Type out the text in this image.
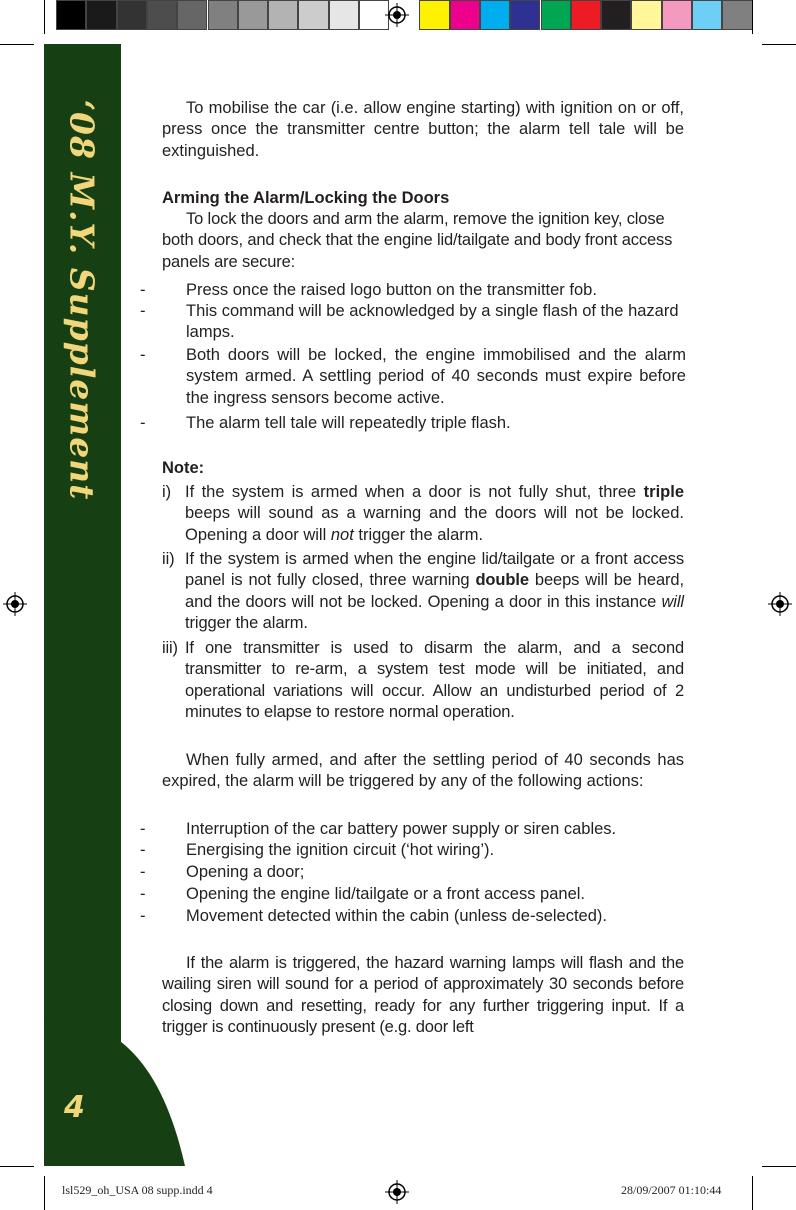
‘08 M.Y. Supplement
4

To mobilise the car (i.e. allow engine starting) with ignition on or off, press once the transmitter centre button; the alarm tell tale will be extinguished.

Arming the Alarm/Locking the Doors

To lock the doors and arm the alarm, remove the ignition key, close both doors, and check that the engine lid/tailgate and body front access panels are secure:

-	Press once the raised logo button on the transmitter fob.
-	This command will be acknowledged by a single flash of the hazard lamps.
-	Both doors will be locked, the engine immobilised and the alarm system armed. A settling period of 40 seconds must expire before the ingress sensors become active.
-	The alarm tell tale will repeatedly triple flash.

Note:

i) If the system is armed when a door is not fully shut, three triple beeps will sound as a warning and the doors will not be locked. Opening a door will not trigger the alarm.
ii) If the system is armed when the engine lid/tailgate or a front access panel is not fully closed, three warning double beeps will be heard, and the doors will not be locked. Opening a door in this instance will trigger the alarm.
iii) If one transmitter is used to disarm the alarm, and a second transmitter to re-arm, a system test mode will be initiated, and operational variations will occur. Allow an undisturbed period of 2 minutes to elapse to restore normal operation.

When fully armed, and after the settling period of 40 seconds has expired, the alarm will be triggered by any of the following actions:

-	Interruption of the car battery power supply or siren cables.
-	Energising the ignition circuit (‘hot wiring’).
-	Opening a door;
-	Opening the engine lid/tailgate or a front access panel.
-	Movement detected within the cabin (unless de-selected).

If the alarm is triggered, the hazard warning lamps will flash and the wailing siren will sound for a period of approximately 30 seconds before closing down and resetting, ready for any further triggering input. If a trigger is continuously present (e.g. door left

lsl529_oh_USA 08 supp.indd 4	28/09/2007 01:10:44
